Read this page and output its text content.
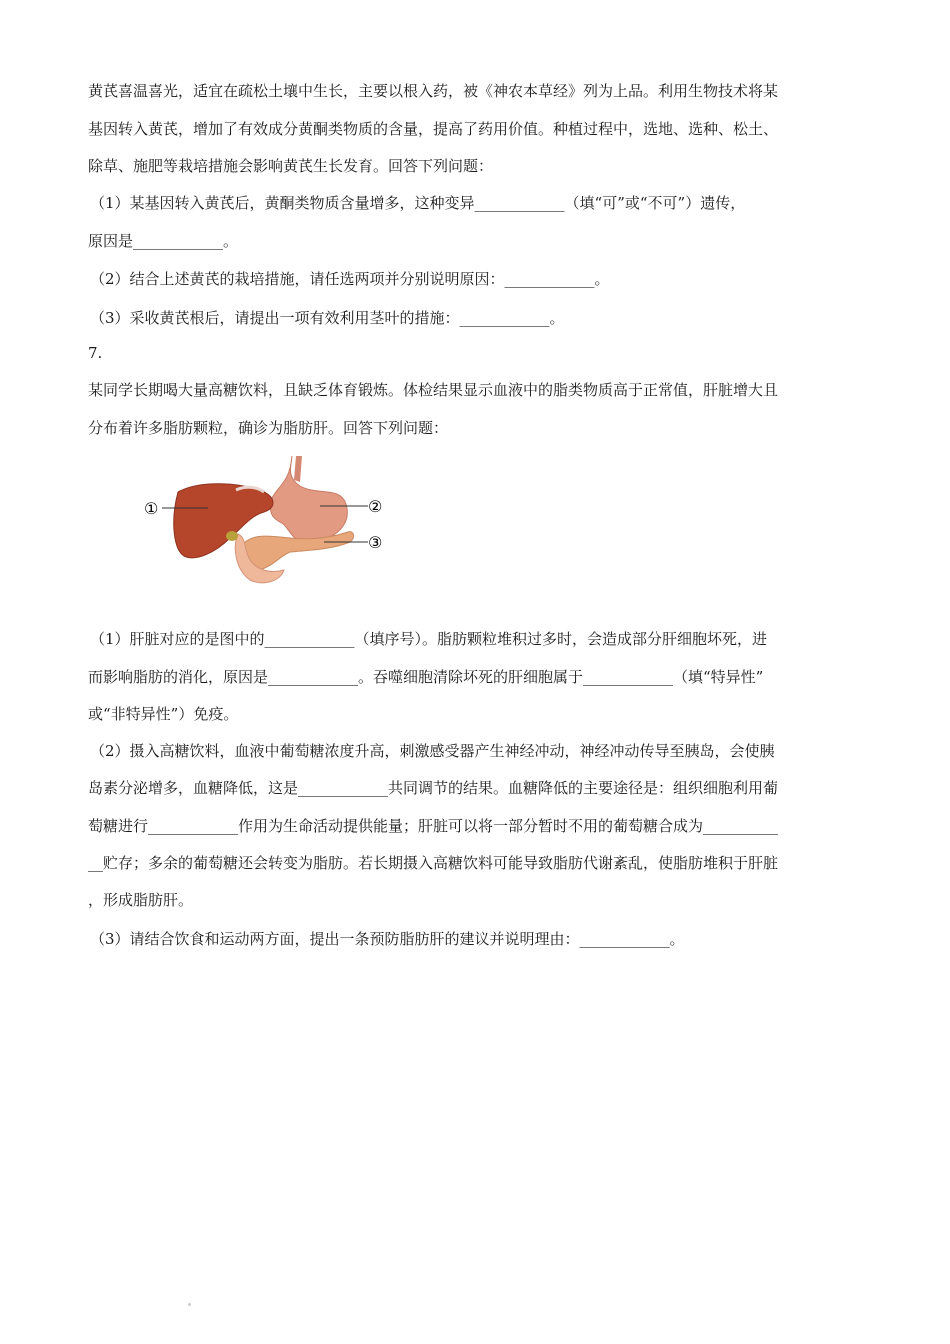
黄芪喜温喜光，适宜在疏松土壤中生长，主要以根入药，被《神农本草经》列为上品。利用生物技术将某
基因转入黄芪，增加了有效成分黄酮类物质的含量，提高了药用价值。种植过程中，选地、选种、松土、
除草、施肥等栽培措施会影响黄芪生长发育。回答下列问题：
（1）某基因转入黄芪后，黄酮类物质含量增多，这种变异____________（填“可”或“不可”）遗传，
原因是____________。
（2）结合上述黄芪的栽培措施，请任选两项并分别说明原因：____________。
（3）采收黄芪根后，请提出一项有效利用茎叶的措施：____________。
7.
某同学长期喝大量高糖饮料，且缺乏体育锻炼。体检结果显示血液中的脂类物质高于正常值，肝脏增大且
分布着许多脂肪颗粒，确诊为脂肪肝。回答下列问题：
①	②
③
（1）肝脏对应的是图中的____________（填序号）。脂肪颗粒堆积过多时，会造成部分肝细胞坏死，进
而影响脂肪的消化，原因是____________。吞噬细胞清除坏死的肝细胞属于____________（填“特异性”
或“非特异性”）免疫。
（2）摄入高糖饮料，血液中葡萄糖浓度升高，刺激感受器产生神经冲动，神经冲动传导至胰岛，会使胰
岛素分泌增多，血糖降低，这是____________共同调节的结果。血糖降低的主要途径是：组织细胞利用葡
萄糖进行____________作用为生命活动提供能量；肝脏可以将一部分暂时不用的葡萄糖合成为__________
__贮存；多余的葡萄糖还会转变为脂肪。若长期摄入高糖饮料可能导致脂肪代谢紊乱，使脂肪堆积于肝脏
，形成脂肪肝。
（3）请结合饮食和运动两方面，提出一条预防脂肪肝的建议并说明理由：____________。
